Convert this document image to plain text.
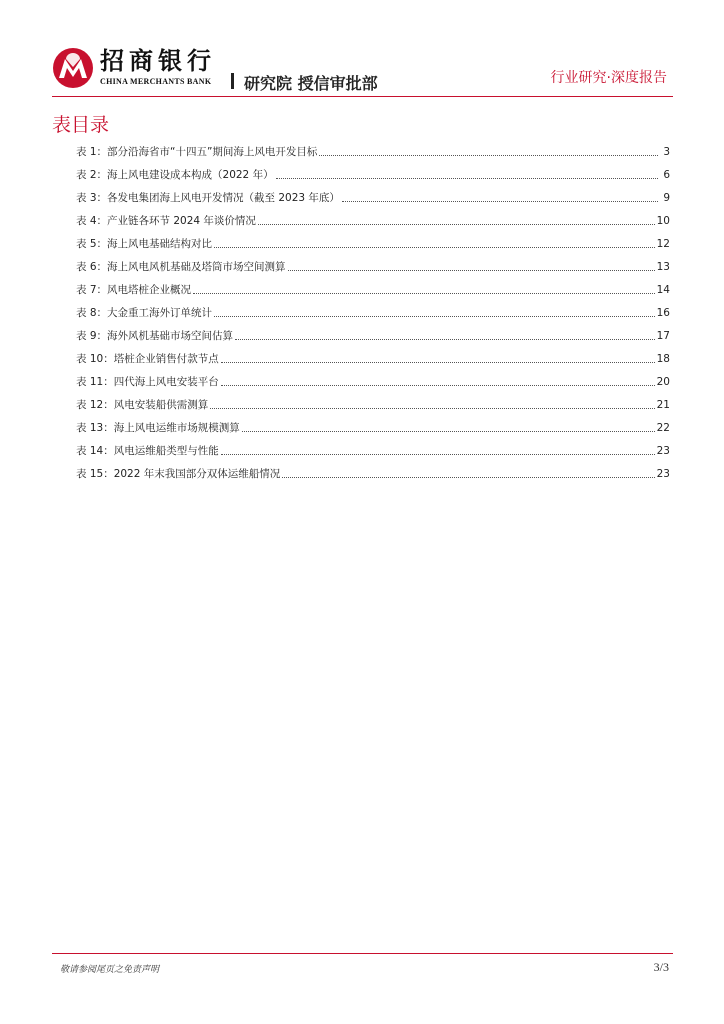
招商银行
CHINA MERCHANTS BANK 研究院 授信审批部	行业研究·深度报告
表目录
表 1：部分沿海省市“十四五”期间海上风电开发目标	3
表 2：海上风电建设成本构成（2022 年）	6
表 3：各发电集团海上风电开发情况（截至 2023 年底）	9
表 4：产业链各环节 2024 年谈价情况	10
表 5：海上风电基础结构对比	12
表 6：海上风电风机基础及塔筒市场空间测算	13
表 7：风电塔桩企业概况	14
表 8：大金重工海外订单统计	16
表 9：海外风机基础市场空间估算	17
表 10：塔桩企业销售付款节点	18
表 11：四代海上风电安装平台	20
表 12：风电安装船供需测算	21
表 13：海上风电运维市场规模测算	22
表 14：风电运维船类型与性能	23
表 15：2022 年末我国部分双体运维船情况	23
敬请参阅尾页之免责声明	3/3
